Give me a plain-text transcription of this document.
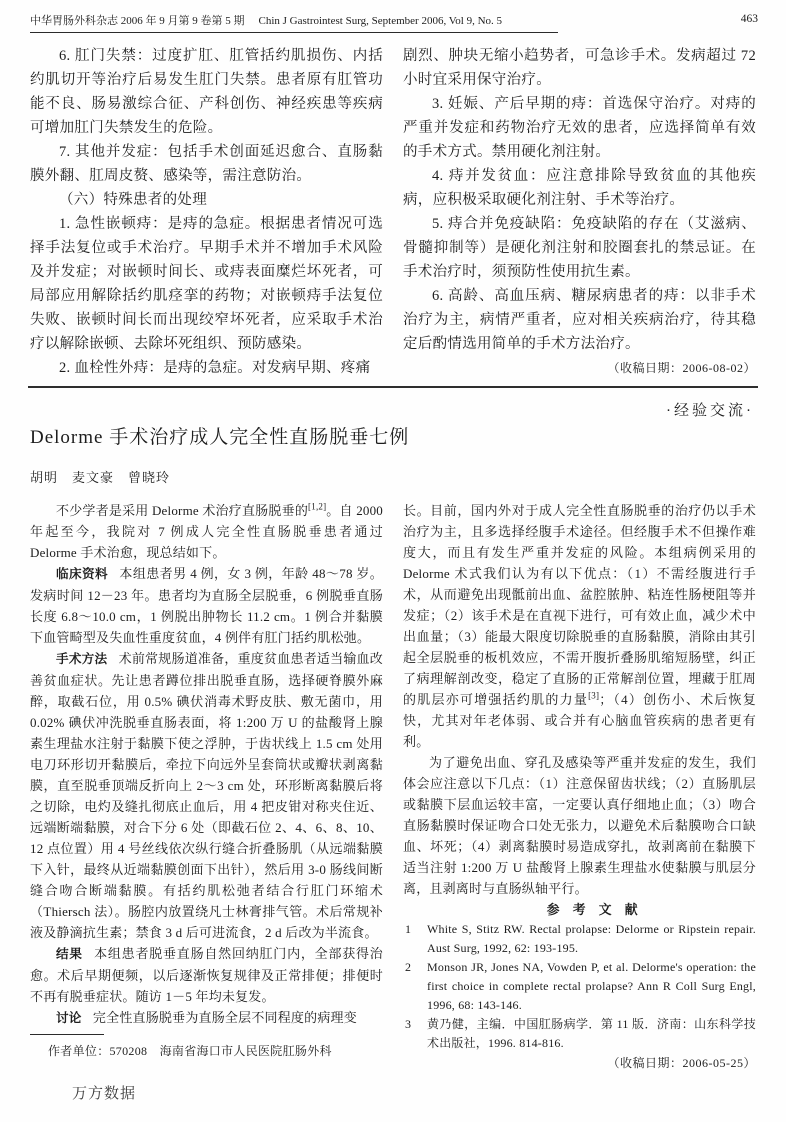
中华胃肠外科杂志 2006 年 9 月第 9 卷第 5 期 Chin J Gastrointest Surg, September 2006, Vol 9, No. 5	463

6. 肛门失禁：过度扩肛、肛管括约肌损伤、内括约肌切开等治疗后易发生肛门失禁。患者原有肛管功能不良、肠易激综合征、产科创伤、神经疾患等疾病可增加肛门失禁发生的危险。

7. 其他并发症：包括手术创面延迟愈合、直肠黏膜外翻、肛周皮赘、感染等，需注意防治。

（六）特殊患者的处理

1. 急性嵌顿痔：是痔的急症。根据患者情况可选择手法复位或手术治疗。早期手术并不增加手术风险及并发症；对嵌顿时间长、或痔表面糜烂坏死者，可局部应用解除括约肌痉挛的药物；对嵌顿痔手法复位失败、嵌顿时间长而出现绞窄坏死者，应采取手术治疗以解除嵌顿、去除坏死组织、预防感染。

2. 血栓性外痔：是痔的急症。对发病早期、疼痛

剧烈、肿块无缩小趋势者，可急诊手术。发病超过 72 小时宜采用保守治疗。

3. 妊娠、产后早期的痔：首选保守治疗。对痔的严重并发症和药物治疗无效的患者，应选择简单有效的手术方式。禁用硬化剂注射。

4. 痔并发贫血：应注意排除导致贫血的其他疾病，应积极采取硬化剂注射、手术等治疗。

5. 痔合并免疫缺陷：免疫缺陷的存在（艾滋病、骨髓抑制等）是硬化剂注射和胶圈套扎的禁忌证。在手术治疗时，须预防性使用抗生素。

6. 高龄、高血压病、糖尿病患者的痔：以非手术治疗为主，病情严重者，应对相关疾病治疗，待其稳定后酌情选用简单的手术方法治疗。

（收稿日期：2006-08-02）

·经验交流·
Delorme 手术治疗成人完全性直肠脱垂七例
胡明　麦文豪　曾晓玲

不少学者是采用 Delorme 术治疗直肠脱垂的[1,2]。自 2000 年起至今，我院对 7 例成人完全性直肠脱垂患者通过 Delorme 手术治愈，现总结如下。

临床资料 本组患者男 4 例，女 3 例，年龄 48～78 岁。发病时间 12－23 年。患者均为直肠全层脱垂，6 例脱垂直肠长度 6.8～10.0 cm，1 例脱出肿物长 11.2 cm。1 例合并黏膜下血管畸型及失血性重度贫血，4 例伴有肛门括约肌松弛。

手术方法 术前常规肠道准备，重度贫血患者适当输血改善贫血症状。先让患者蹲位排出脱垂直肠，选择硬脊膜外麻醉，取截石位，用 0.5% 碘伏消毒术野皮肤、敷无菌巾，用 0.02% 碘伏冲洗脱垂直肠表面，将 1:200 万 U 的盐酸肾上腺素生理盐水注射于黏膜下使之浮肿，于齿状线上 1.5 cm 处用电刀环形切开黏膜后，牵拉下向远外呈套筒状或瓣状剥离黏膜，直至脱垂顶端反折向上 2～3 cm 处，环形断离黏膜后将之切除，电灼及缝扎彻底止血后，用 4 把皮钳对称夹住近、远端断端黏膜，对合下分 6 处（即截石位 2、4、6、8、10、12 点位置）用 4 号丝线依次纵行缝合折叠肠肌（从远端黏膜下入针，最终从近端黏膜创面下出针），然后用 3-0 肠线间断缝合吻合断端黏膜。有括约肌松弛者结合行肛门环缩术（Thiersch 法）。肠腔内放置绕凡士林膏排气管。术后常规补液及静滴抗生素；禁食 3 d 后可进流食，2 d 后改为半流食。

结果 本组患者脱垂直肠自然回纳肛门内，全部获得治愈。术后早期便频，以后逐渐恢复规律及正常排便；排便时不再有脱垂症状。随访 1－5 年均未复发。

讨论 完全性直肠脱垂为直肠全层不同程度的病理变

长。目前，国内外对于成人完全性直肠脱垂的治疗仍以手术治疗为主，且多选择经腹手术途径。但经腹手术不但操作难度大，而且有发生严重并发症的风险。本组病例采用的 Delorme 术式我们认为有以下优点：（1）不需经腹进行手术，从而避免出现骶前出血、盆腔脓肿、粘连性肠梗阻等并发症；（2）该手术是在直视下进行，可有效止血，减少术中出血量；（3）能最大限度切除脱垂的直肠黏膜，消除由其引起全层脱垂的板机效应，不需开腹折叠肠肌缩短肠壁，纠正了病理解剖改变，稳定了直肠的正常解剖位置，埋藏于肛周的肌层亦可增强括约肌的力量[3]；（4）创伤小、术后恢复快，尤其对年老体弱、或合并有心脑血管疾病的患者更有利。

为了避免出血、穿孔及感染等严重并发症的发生，我们体会应注意以下几点：（1）注意保留齿状线；（2）直肠肌层或黏膜下层血运较丰富，一定要认真仔细地止血；（3）吻合直肠黏膜时保证吻合口处无张力，以避免术后黏膜吻合口缺血、坏死；（4）剥离黏膜时易造成穿扎，故剥离前在黏膜下适当注射 1:200 万 U 盐酸肾上腺素生理盐水使黏膜与肌层分离，且剥离时与直肠纵轴平行。

参　考　文　献

1	White S, Stitz RW. Rectal prolapse: Delorme or Ripstein repair. Aust Surg, 1992, 62: 193-195.
2	Monson JR, Jones NA, Vowden P, et al. Delorme's operation: the first choice in complete rectal prolapse? Ann R Coll Surg Engl, 1996, 68: 143-146.
3	黄乃健，主编．中国肛肠病学．第 11 版．济南：山东科学技术出版社，1996. 814-816.

（收稿日期：2006-05-25）

作者单位：570208　海南省海口市人民医院肛肠外科
万方数据
